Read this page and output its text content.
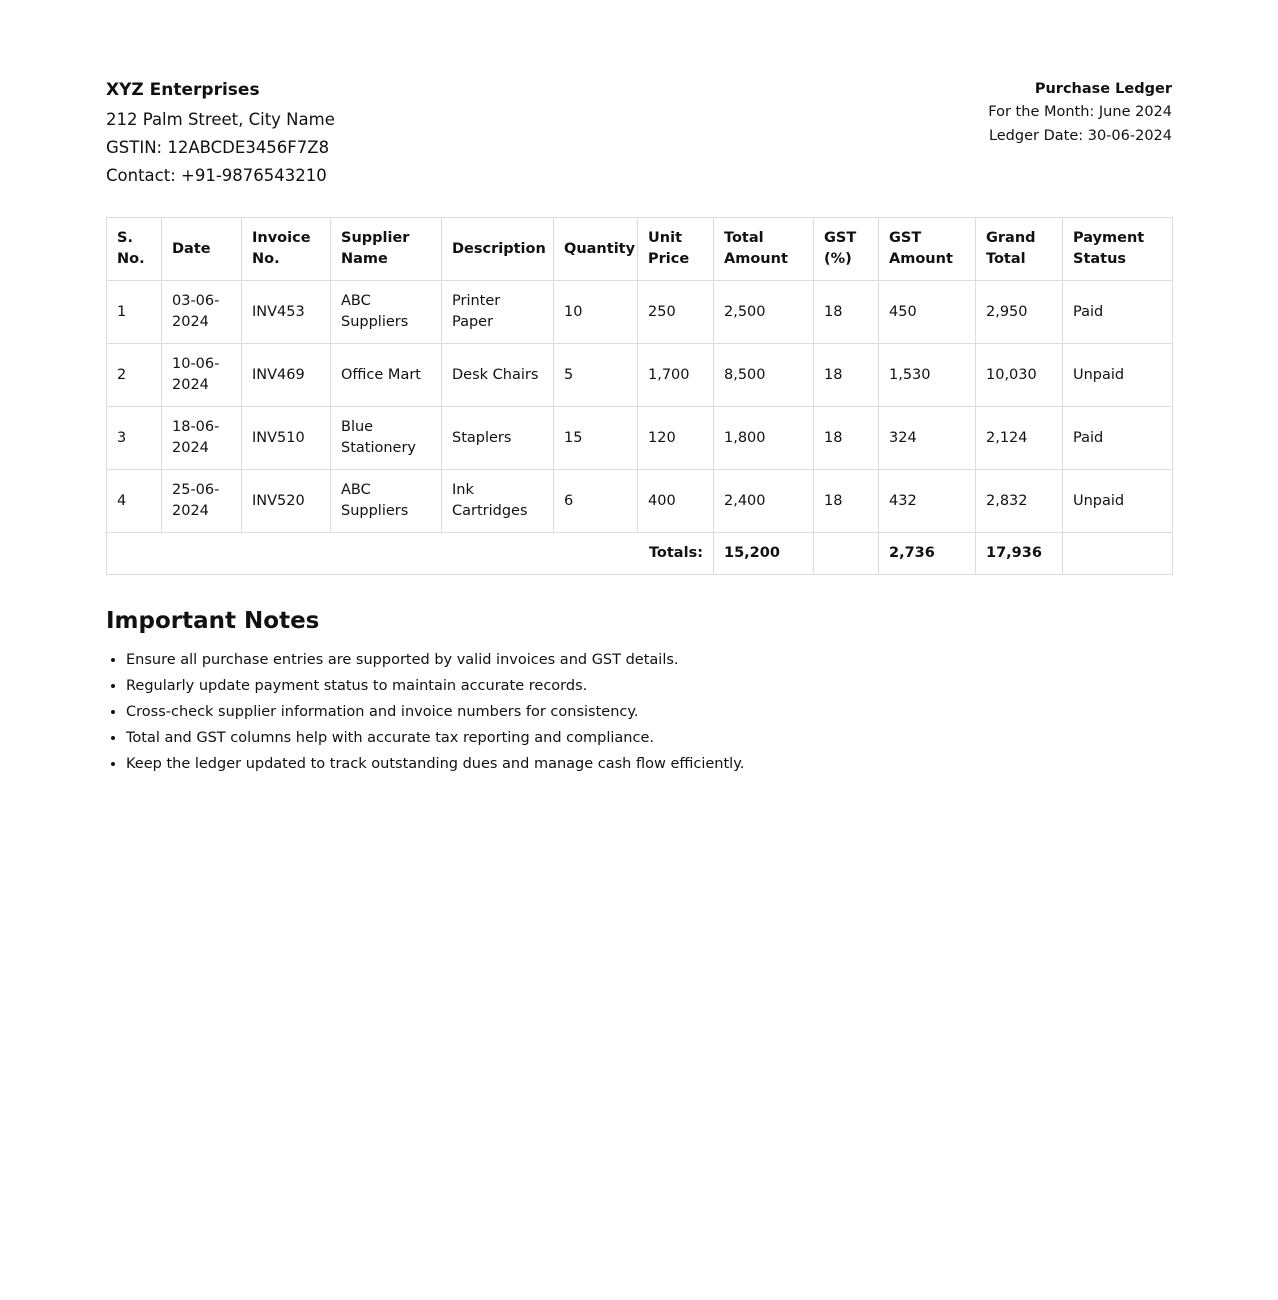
XYZ Enterprises
212 Palm Street, City Name
GSTIN: 12ABCDE3456F7Z8
Contact: +91-9876543210
Purchase Ledger
For the Month: June 2024
Ledger Date: 30-06-2024
S. No.	Date	Invoice No.	Supplier Name	Description	Quantity	Unit Price	Total Amount	GST (%)	GST Amount	Grand Total	Payment Status
1	03-06-2024	INV453	ABC Suppliers	Printer Paper	10	250	2,500	18	450	2,950	Paid
2	10-06-2024	INV469	Office Mart	Desk Chairs	5	1,700	8,500	18	1,530	10,030	Unpaid
3	18-06-2024	INV510	Blue Stationery	Staplers	15	120	1,800	18	324	2,124	Paid
4	25-06-2024	INV520	ABC Suppliers	Ink Cartridges	6	400	2,400	18	432	2,832	Unpaid
Totals:							15,200		2,736	17,936	
Important Notes
• Ensure all purchase entries are supported by valid invoices and GST details.
• Regularly update payment status to maintain accurate records.
• Cross-check supplier information and invoice numbers for consistency.
• Total and GST columns help with accurate tax reporting and compliance.
• Keep the ledger updated to track outstanding dues and manage cash flow efficiently.
